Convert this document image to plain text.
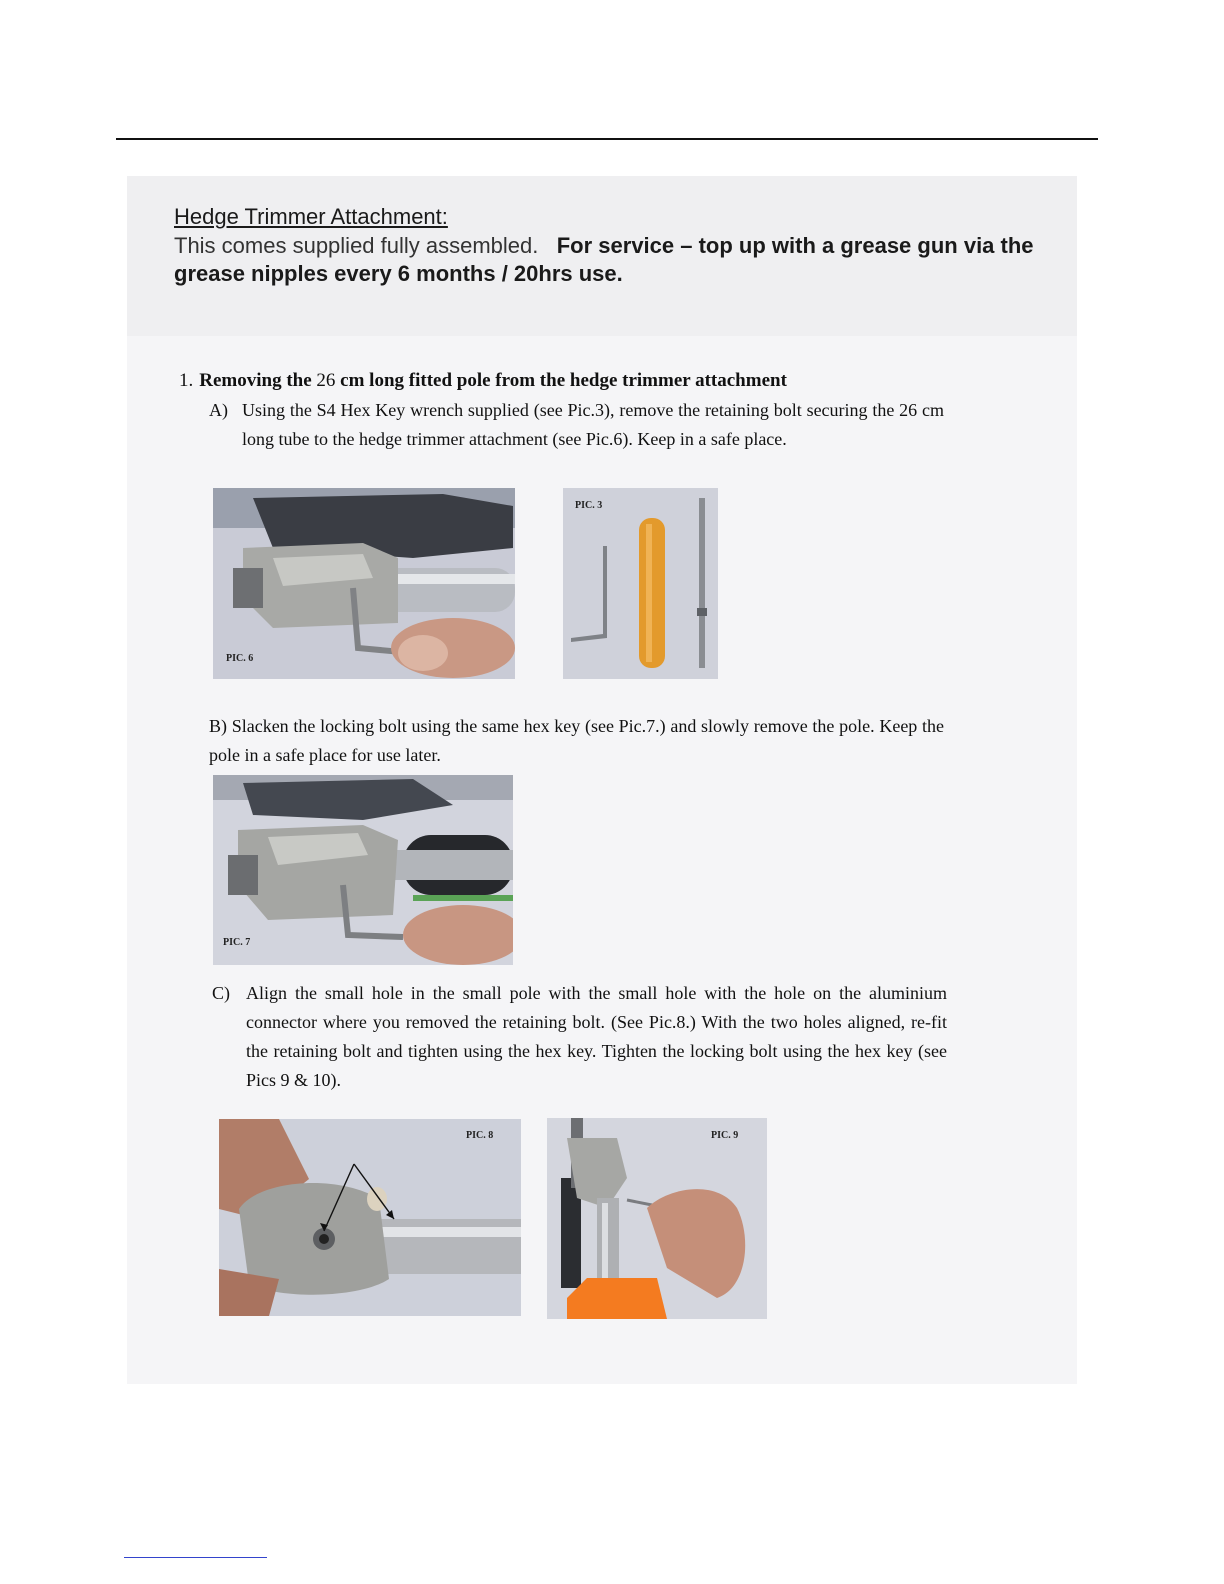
Hedge Trimmer Attachment:
This comes supplied fully assembled. For service – top up with a grease gun via the grease nipples every 6 months / 20hrs use.
1. Removing the 26 cm long fitted pole from the hedge trimmer attachment
A) Using the S4 Hex Key wrench supplied (see Pic.3), remove the retaining bolt securing the 26 cm long tube to the hedge trimmer attachment (see Pic.6). Keep in a safe place.
PIC. 6
PIC. 3
B) Slacken the locking bolt using the same hex key (see Pic.7.) and slowly remove the pole. Keep the pole in a safe place for use later.
PIC. 7
C) Align the small hole in the small pole with the small hole with the hole on the aluminium connector where you removed the retaining bolt. (See Pic.8.) With the two holes aligned, re-fit the retaining bolt and tighten using the hex key. Tighten the locking bolt using the hex key (see Pics 9 & 10).
PIC. 8	PIC. 9
